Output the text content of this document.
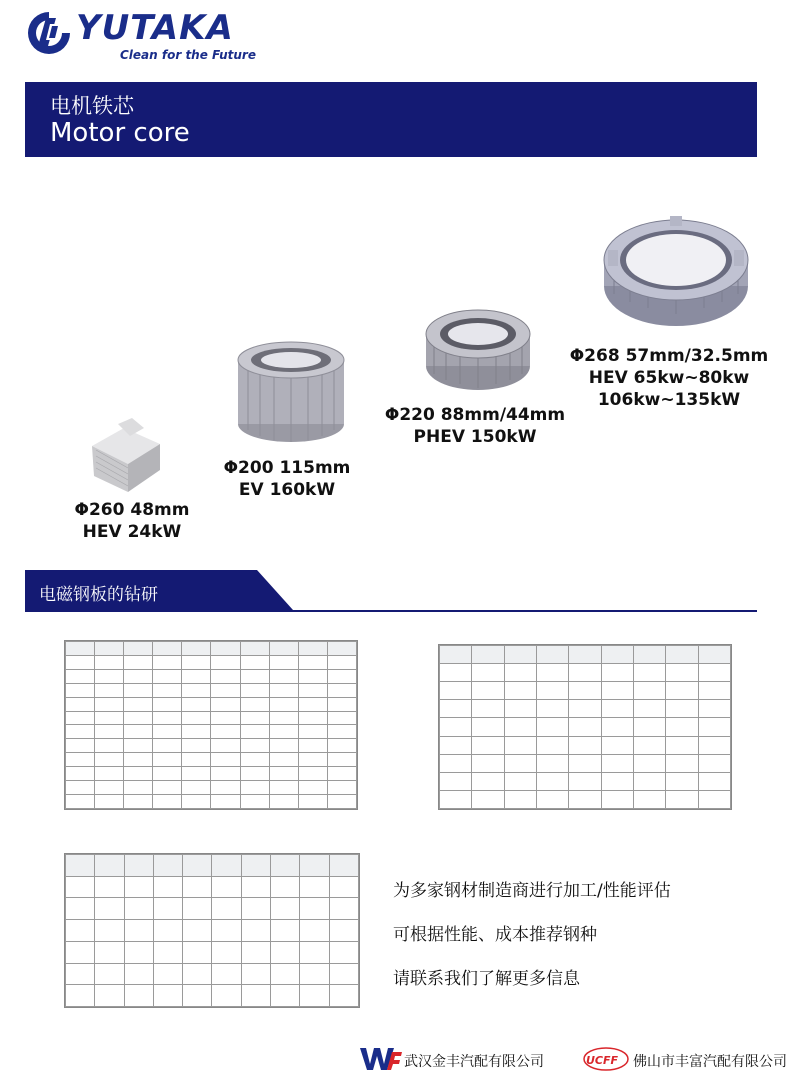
YUTAKA
Clean for the Future
电机铁芯
Motor core
Φ260 48mm
HEV 24kW
Φ200 115mm
EV 160kW
Φ220 88mm/44mm
PHEV 150kW
Φ268 57mm/32.5mm
HEV 65kw~80kw
106kw~135kW
电磁钢板的钻研

为多家钢材制造商进行加工/性能评估
可根据性能、成本推荐钢种
请联系我们了解更多信息
武汉金丰汽配有限公司	UCFF 佛山市丰富汽配有限公司
